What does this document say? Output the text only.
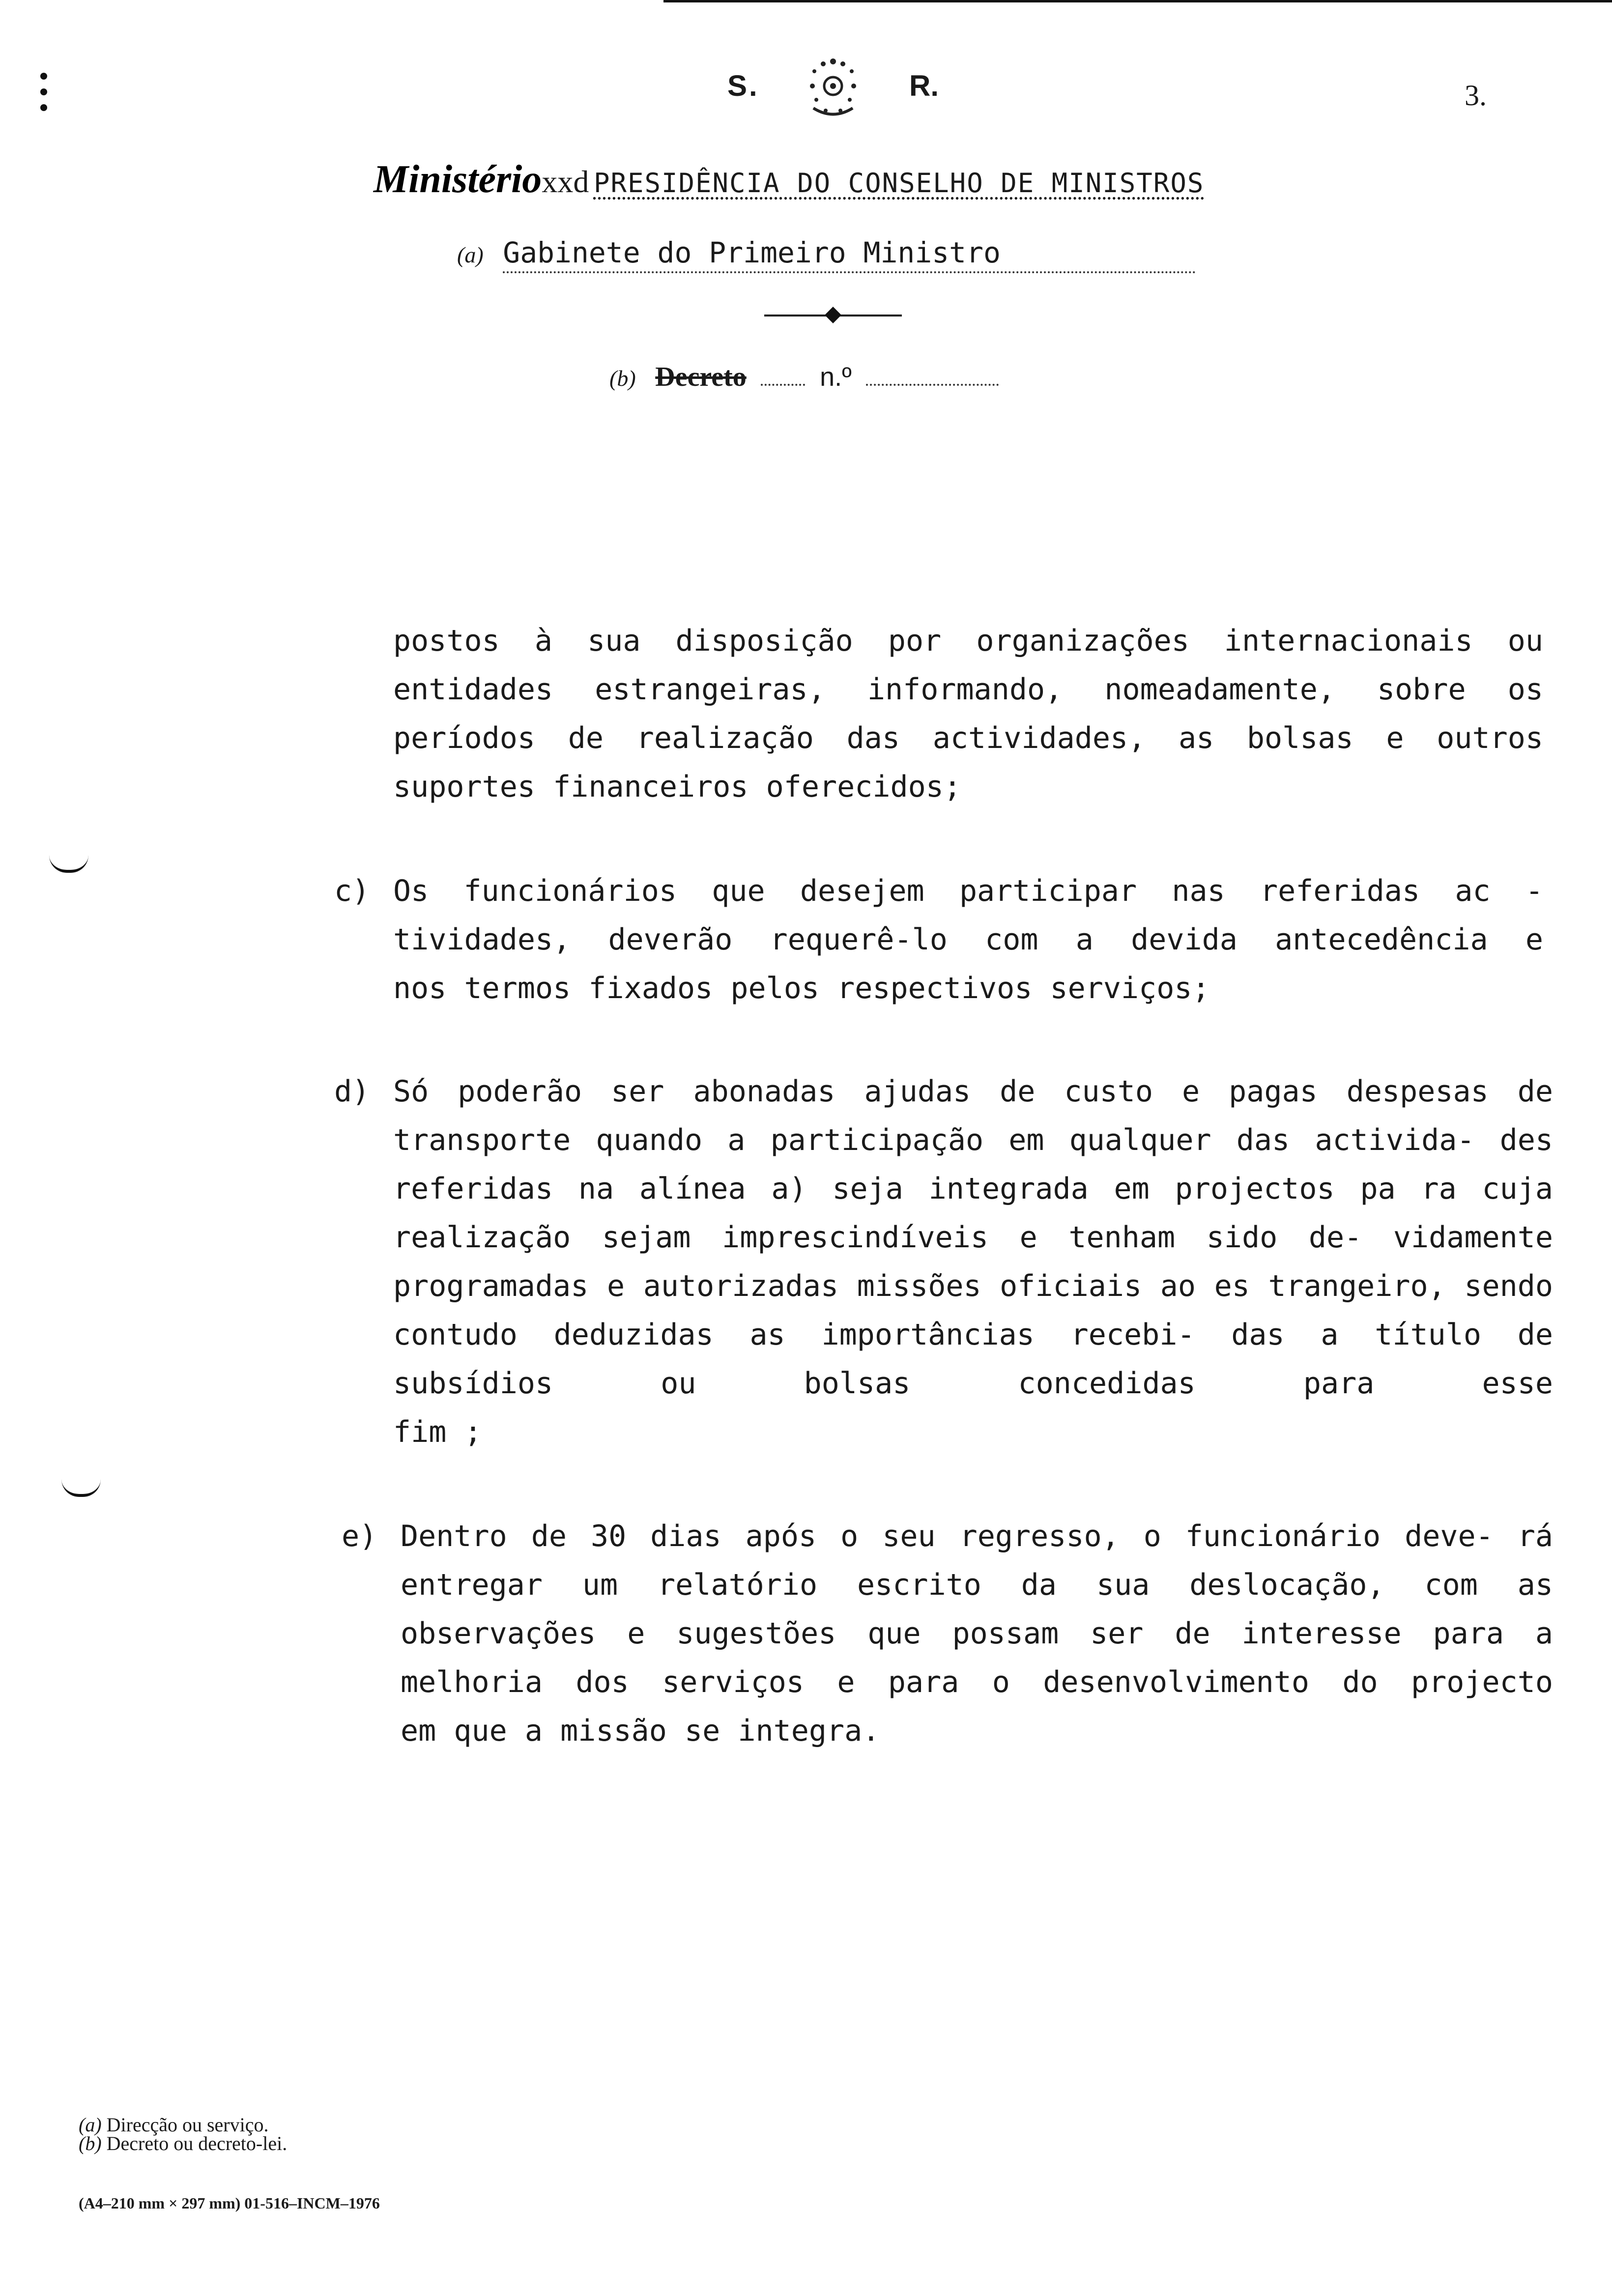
S.	R.	3.
Ministérioxxd PRESIDÊNCIA DO CONSELHO DE MINISTROS
(a) Gabinete do Primeiro Ministro
(b) Decreto	n.º
postos à sua disposição por organizações internacionais ou entidades estrangeiras, informando, nomeadamente, sobre os períodos de realização das actividades, as bolsas e outros
suportes financeiros oferecidos;
c) Os funcionários que desejem participar nas referidas ac - tividades, deverão requerê-lo com a devida antecedência e
nos termos fixados pelos respectivos serviços;
d) Só poderão ser abonadas ajudas de custo e pagas despesas de transporte quando a participação em qualquer das activida- des referidas na alínea a) seja integrada em projectos pa ra cuja realização sejam imprescindíveis e tenham sido de- vidamente programadas e autorizadas missões oficiais ao es trangeiro, sendo contudo deduzidas as importâncias recebi- das a título de subsídios ou bolsas concedidas para esse
fim ;
e) Dentro de 30 dias após o seu regresso, o funcionário deve- rá entregar um relatório escrito da sua deslocação, com as observações e sugestões que possam ser de interesse para a melhoria dos serviços e para o desenvolvimento do projecto
em que a missão se integra.
(a) Direcção ou serviço.
(b) Decreto ou decreto-lei.
(A4–210 mm × 297 mm) 01-516–INCM–1976
